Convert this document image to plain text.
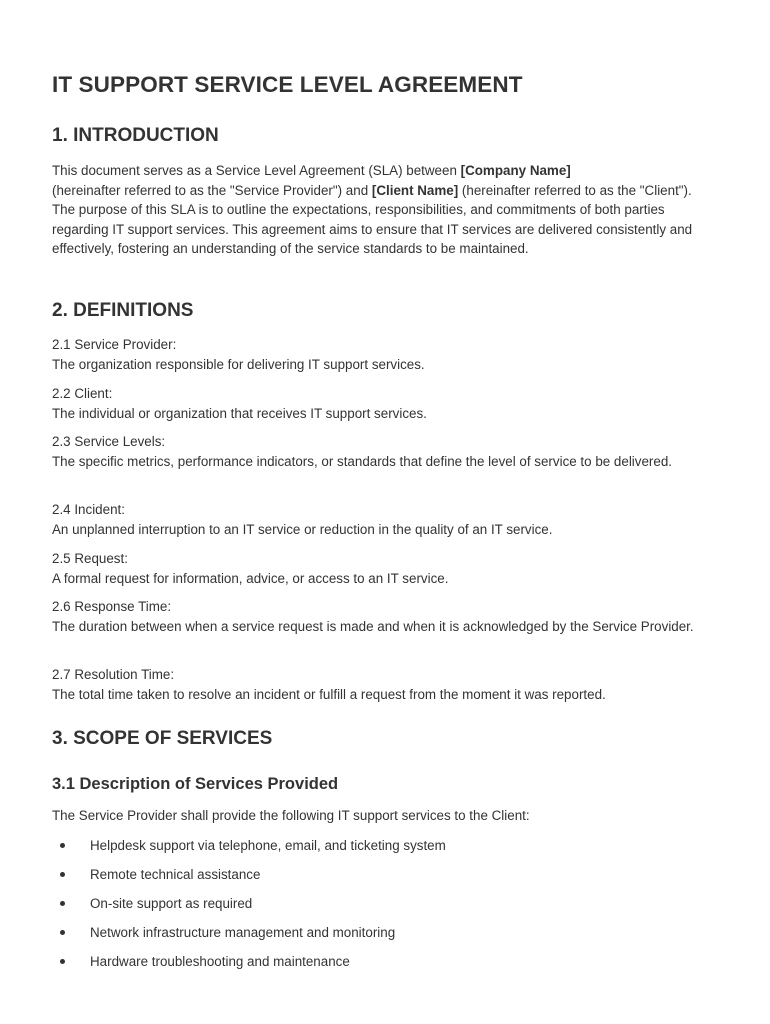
IT SUPPORT SERVICE LEVEL AGREEMENT
1. INTRODUCTION

This document serves as a Service Level Agreement (SLA) between [Company Name]
(hereinafter referred to as the "Service Provider") and [Client Name] (hereinafter referred to as the "Client"). The purpose of this SLA is to outline the expectations, responsibilities, and commitments of both parties regarding IT support services. This agreement aims to ensure that IT services are delivered consistently and effectively, fostering an understanding of the service standards to be maintained.

2. DEFINITIONS
2.1 Service Provider:
The organization responsible for delivering IT support services.
2.2 Client:
The individual or organization that receives IT support services.
2.3 Service Levels:
The specific metrics, performance indicators, or standards that define the level of service to be delivered.
2.4 Incident:
An unplanned interruption to an IT service or reduction in the quality of an IT service.
2.5 Request:
A formal request for information, advice, or access to an IT service.
2.6 Response Time:
The duration between when a service request is made and when it is acknowledged by the Service Provider.
2.7 Resolution Time:
The total time taken to resolve an incident or fulfill a request from the moment it was reported.
3. SCOPE OF SERVICES
3.1 Description of Services Provided

The Service Provider shall provide the following IT support services to the Client:

Helpdesk support via telephone, email, and ticketing system
Remote technical assistance
On-site support as required
Network infrastructure management and monitoring
Hardware troubleshooting and maintenance
